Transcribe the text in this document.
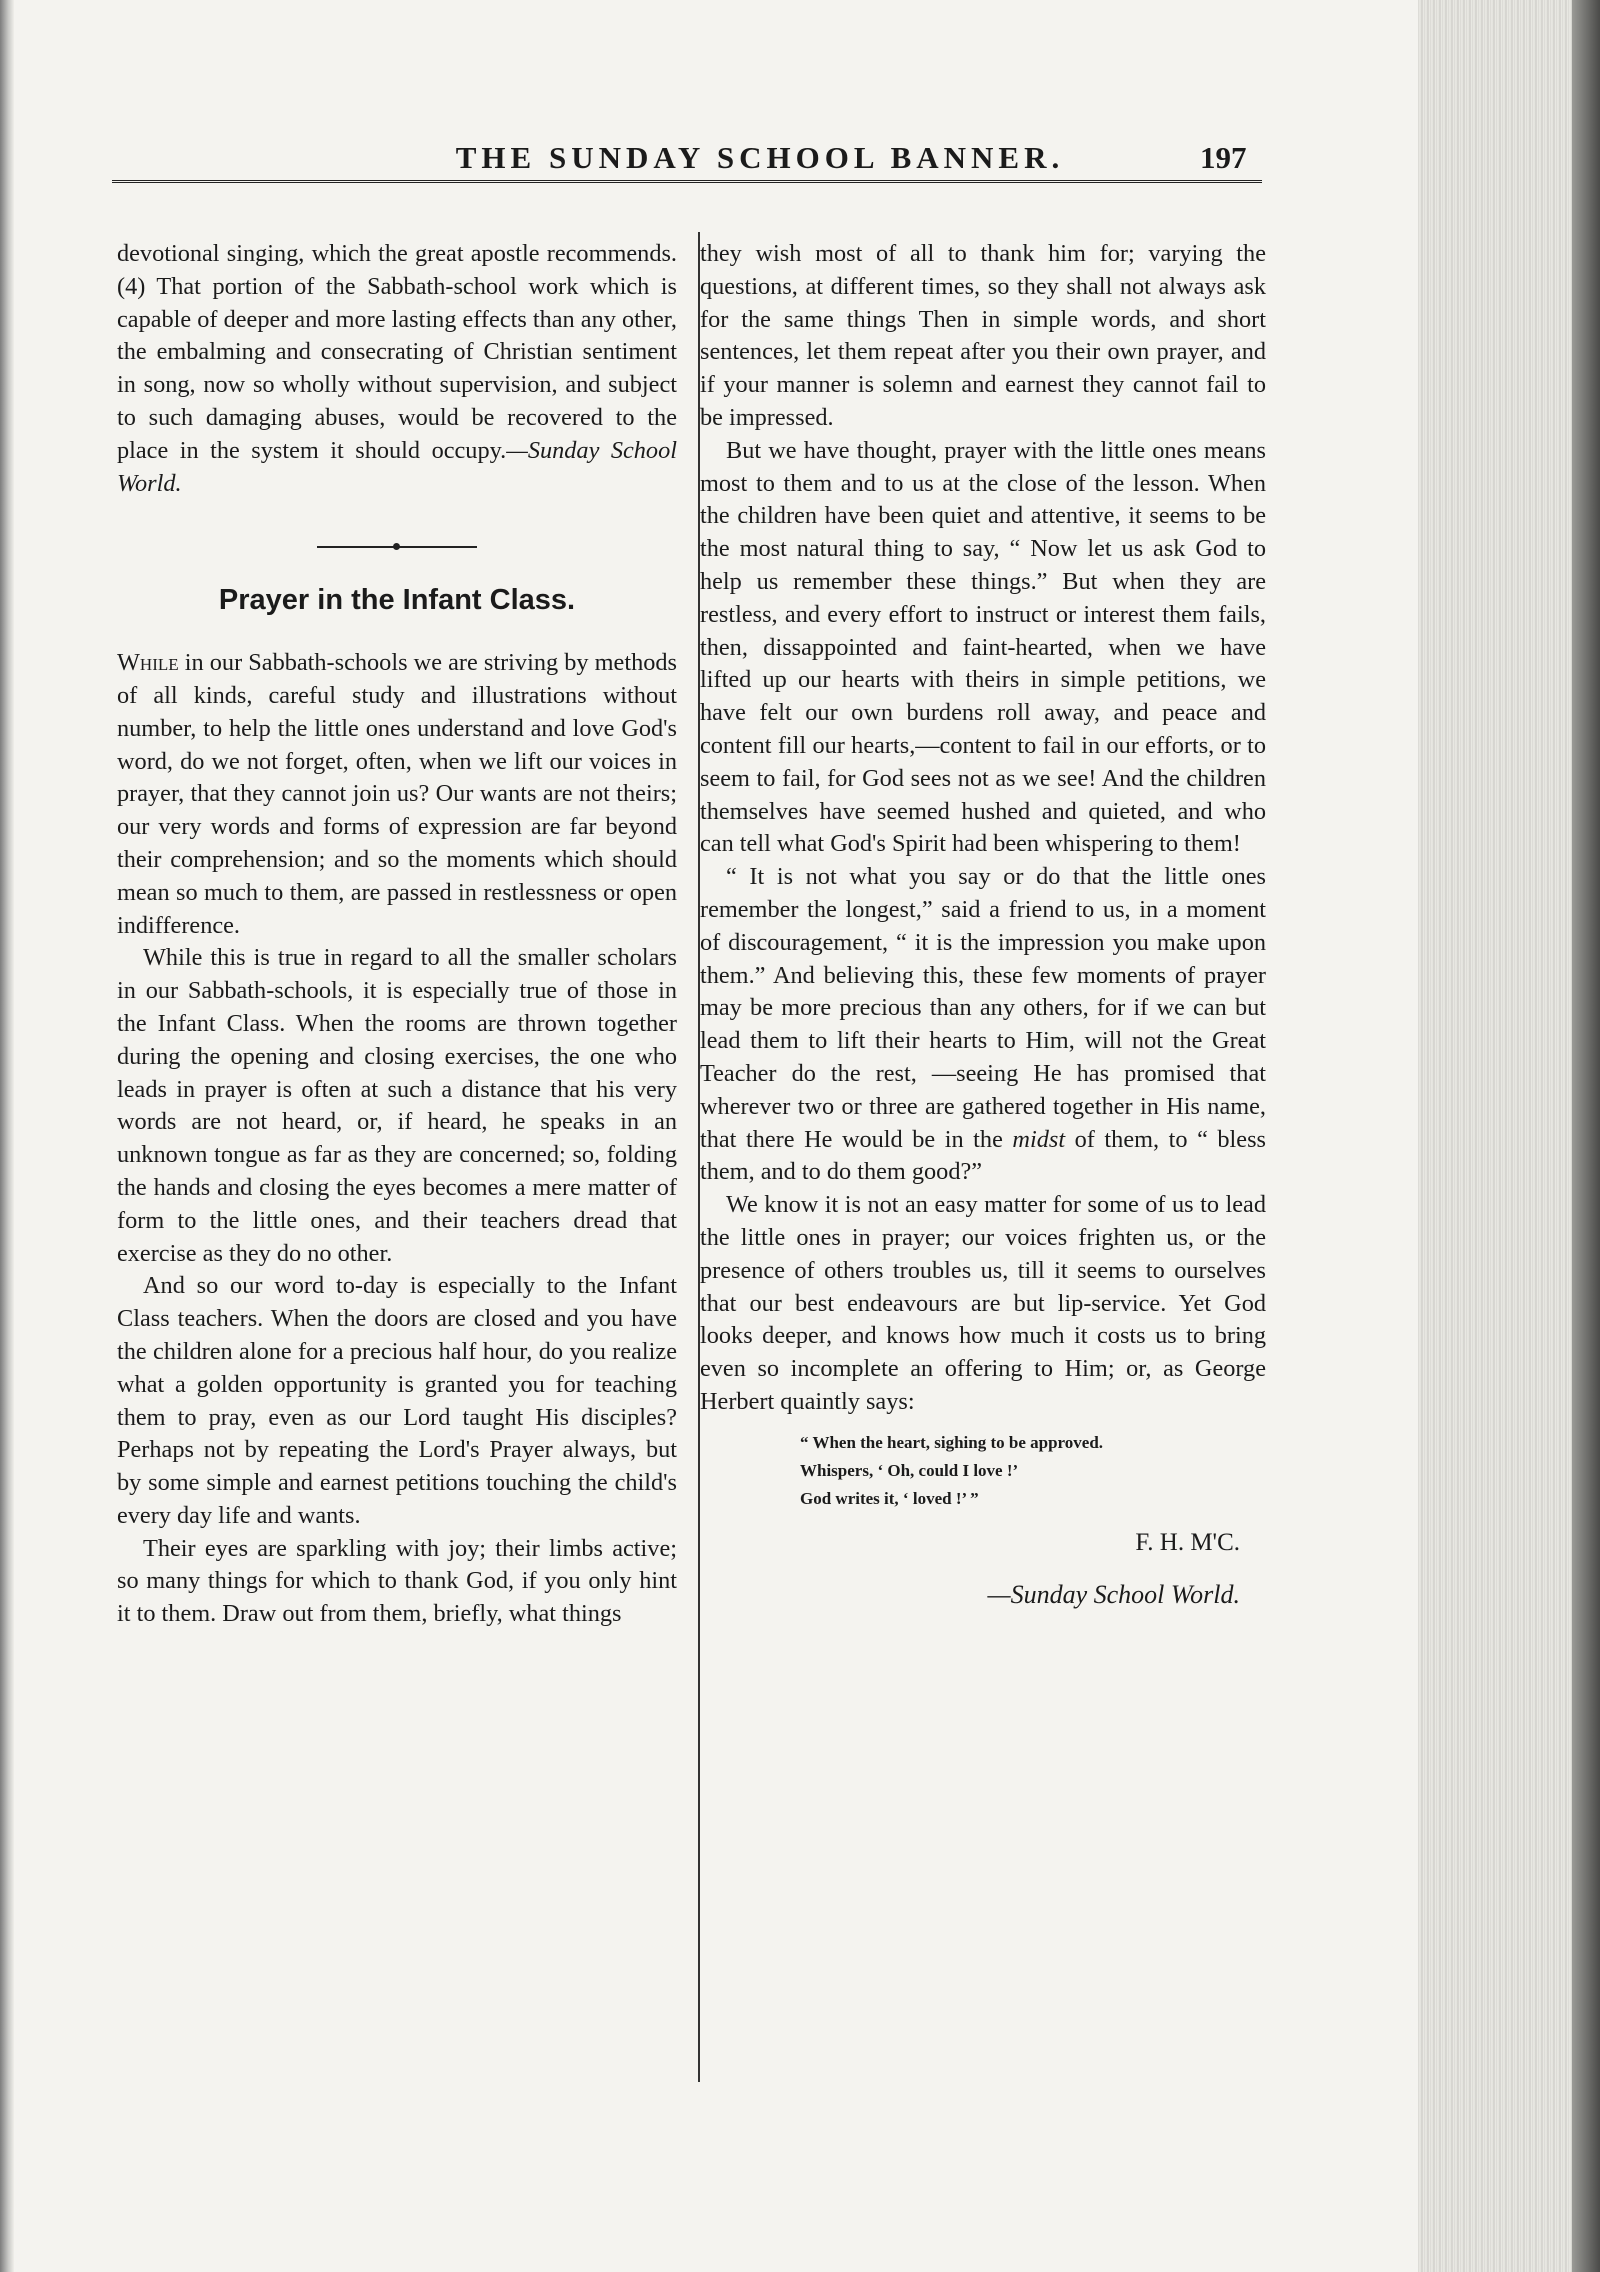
THE SUNDAY SCHOOL BANNER.	197

devotional singing, which the great apostle recommends. (4) That portion of the Sabbath-school work which is capable of deeper and more lasting effects than any other, the embalming and consecrating of Christian sentiment in song, now so wholly without supervision, and subject to such damaging abuses, would be recovered to the place in the system it should occupy.—Sunday School World.

Prayer in the Infant Class.

While in our Sabbath-schools we are striving by methods of all kinds, careful study and illustrations without number, to help the little ones understand and love God's word, do we not forget, often, when we lift our voices in prayer, that they cannot join us? Our wants are not theirs; our very words and forms of expression are far beyond their comprehension; and so the moments which should mean so much to them, are passed in restlessness or open indifference.

While this is true in regard to all the smaller scholars in our Sabbath-schools, it is especially true of those in the Infant Class. When the rooms are thrown together during the opening and closing exercises, the one who leads in prayer is often at such a distance that his very words are not heard, or, if heard, he speaks in an unknown tongue as far as they are concerned; so, folding the hands and closing the eyes becomes a mere matter of form to the little ones, and their teachers dread that exercise as they do no other.

And so our word to-day is especially to the Infant Class teachers. When the doors are closed and you have the children alone for a precious half hour, do you realize what a golden opportunity is granted you for teaching them to pray, even as our Lord taught His disciples? Perhaps not by repeating the Lord's Prayer always, but by some simple and earnest petitions touching the child's every day life and wants.

Their eyes are sparkling with joy; their limbs active; so many things for which to thank God, if you only hint it to them. Draw out from them, briefly, what things

they wish most of all to thank him for; varying the questions, at different times, so they shall not always ask for the same things Then in simple words, and short sentences, let them repeat after you their own prayer, and if your manner is solemn and earnest they cannot fail to be impressed.

But we have thought, prayer with the little ones means most to them and to us at the close of the lesson. When the children have been quiet and attentive, it seems to be the most natural thing to say, “ Now let us ask God to help us remember these things.” But when they are restless, and every effort to instruct or interest them fails, then, dissappointed and faint-hearted, when we have lifted up our hearts with theirs in simple petitions, we have felt our own burdens roll away, and peace and content fill our hearts,—content to fail in our efforts, or to seem to fail, for God sees not as we see! And the children themselves have seemed hushed and quieted, and who can tell what God's Spirit had been whispering to them!

“ It is not what you say or do that the little ones remember the longest,” said a friend to us, in a moment of discouragement, “ it is the impression you make upon them.” And believing this, these few moments of prayer may be more precious than any others, for if we can but lead them to lift their hearts to Him, will not the Great Teacher do the rest, —seeing He has promised that wherever two or three are gathered together in His name, that there He would be in the midst of them, to “ bless them, and to do them good?”

We know it is not an easy matter for some of us to lead the little ones in prayer; our voices frighten us, or the presence of others troubles us, till it seems to ourselves that our best endeavours are but lip-service. Yet God looks deeper, and knows how much it costs us to bring even so incomplete an offering to Him; or, as George Herbert quaintly says:

“ When the heart, sighing to be approved.
Whispers, ‘ Oh, could I love !’
God writes it, ‘ loved !’ ”
F. H. M'C.
—Sunday School World.
